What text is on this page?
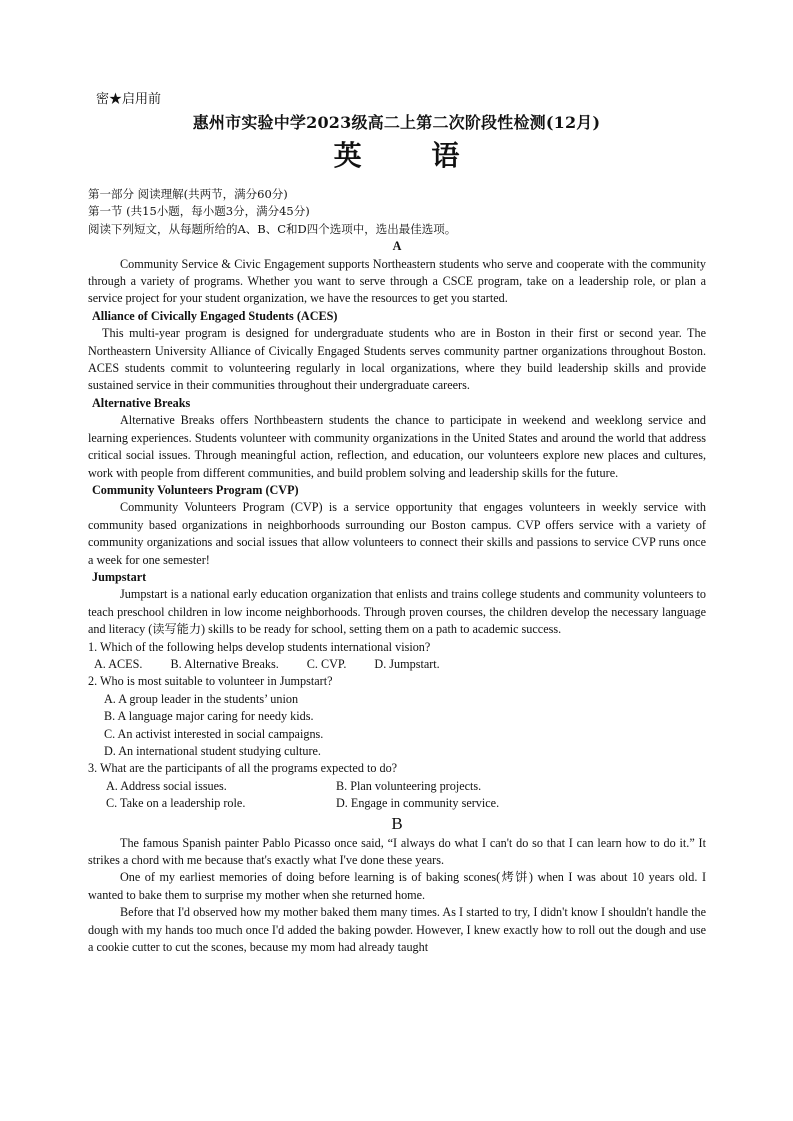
密★启用前
惠州市实验中学2023级高二上第二次阶段性检测(12月)
英 语

第一部分 阅读理解(共两节，满分60分)

第一节 (共15小题，每小题3分，满分45分)

阅读下列短文，从每题所给的A、B、C和D四个选项中，选出最佳选项。

A

Community Service & Civic Engagement supports Northeastern students who serve and cooperate with the community through a variety of programs. Whether you want to serve through a CSCE program, take on a leadership role, or plan a service project for your student organization, we have the resources to get you started.

Alliance of Civically Engaged Students (ACES)

This multi-year program is designed for undergraduate students who are in Boston in their first or second year. The Northeastern University Alliance of Civically Engaged Students serves community partner organizations throughout Boston. ACES students commit to volunteering regularly in local organizations, where they build leadership skills and provide sustained service in their communities throughout their undergraduate careers.

Alternative Breaks

Alternative Breaks offers Northbeastern students the chance to participate in weekend and weeklong service and learning experiences. Students volunteer with community organizations in the United States and around the world that address critical social issues. Through meaningful action, reflection, and education, our volunteers explore new places and cultures, work with people from different communities, and build problem solving and leadership skills for the future.

Community Volunteers Program (CVP)

Community Volunteers Program (CVP) is a service opportunity that engages volunteers in weekly service with community based organizations in neighborhoods surrounding our Boston campus. CVP offers service with a variety of community organizations and social issues that allow volunteers to connect their skills and passions to service CVP runs once a week for one semester!

Jumpstart

Jumpstart is a national early education organization that enlists and trains college students and community volunteers to teach preschool children in low income neighborhoods. Through proven courses, the children develop the necessary language and literacy (读写能力) skills to be ready for school, setting them on a path to academic success.

1. Which of the following helps develop students international vision?

A. ACES. B. Alternative Breaks. C. CVP. D. Jumpstart.

2. Who is most suitable to volunteer in Jumpstart?

A. A group leader in the students’ union

B. A language major caring for needy kids.

C. An activist interested in social campaigns.

D. An international student studying culture.

3. What are the participants of all the programs expected to do?

A. Address social issues.	B. Plan volunteering projects.
C. Take on a leadership role.	D. Engage in community service.

B

The famous Spanish painter Pablo Picasso once said, “I always do what I can't do so that I can learn how to do it.” It strikes a chord with me because that's exactly what I've done these years.

One of my earliest memories of doing before learning is of baking scones(烤饼) when I was about 10 years old. I wanted to bake them to surprise my mother when she returned home.

Before that I'd observed how my mother baked them many times. As I started to try, I didn't know I shouldn't handle the dough with my hands too much once I'd added the baking powder. However, I knew exactly how to roll out the dough and use a cookie cutter to cut the scones, because my mom had already taught
